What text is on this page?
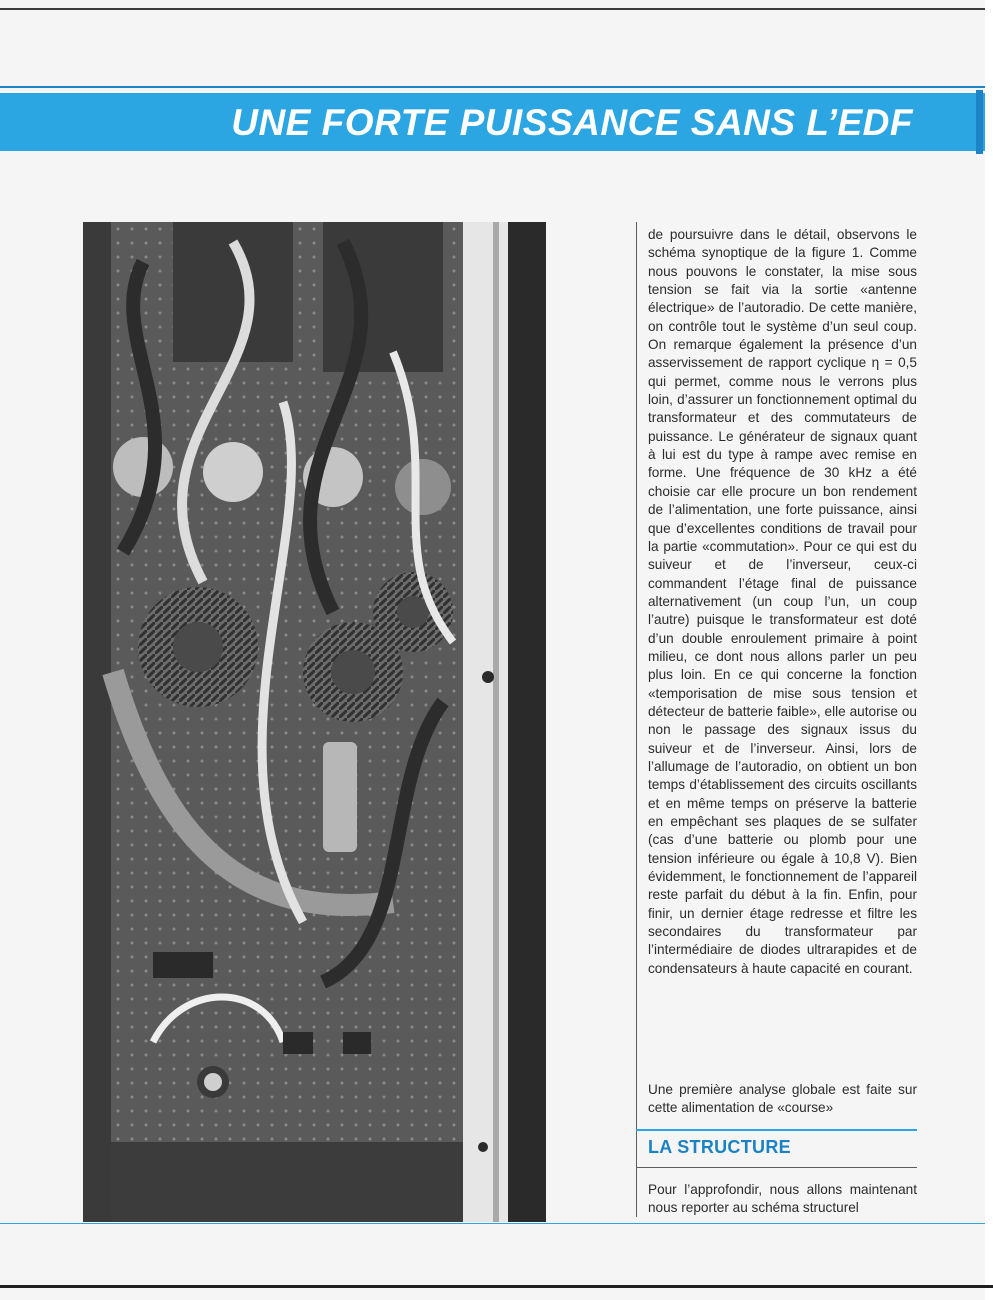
UNE FORTE PUISSANCE SANS L’EDF

de poursuivre dans le détail, observons le schéma synoptique de la figure 1. Comme nous pouvons le constater, la mise sous tension se fait via la sortie «antenne électrique» de l’autoradio. De cette manière, on contrôle tout le système d’un seul coup. On remarque également la présence d’un asservissement de rapport cyclique η = 0,5 qui permet, comme nous le verrons plus loin, d’assurer un fonctionnement optimal du transformateur et des commutateurs de puissance. Le générateur de signaux quant à lui est du type à rampe avec remise en forme. Une fréquence de 30 kHz a été choisie car elle procure un bon rendement de l’alimentation, une forte puissance, ainsi que d’excellentes conditions de travail pour la partie «commutation». Pour ce qui est du suiveur et de l’inverseur, ceux-ci commandent l’étage final de puissance alternativement (un coup l’un, un coup l’autre) puisque le transformateur est doté d’un double enroulement primaire à point milieu, ce dont nous allons parler un peu plus loin. En ce qui concerne la fonction «temporisation de mise sous tension et détecteur de batterie faible», elle autorise ou non le passage des signaux issus du suiveur et de l’inverseur. Ainsi, lors de l’allumage de l’autoradio, on obtient un bon temps d’établissement des circuits oscillants et en même temps on préserve la batterie en empêchant ses plaques de se sulfater (cas d’une batterie ou plomb pour une tension inférieure ou égale à 10,8 V). Bien évidemment, le fonctionnement de l’appareil reste parfait du début à la fin. Enfin, pour finir, un dernier étage redresse et filtre les secondaires du transformateur par l’intermédiaire de diodes ultrarapides et de condensateurs à haute capacité en courant.

Une première analyse globale est faite sur cette alimentation de «course»

LA STRUCTURE

Pour l’approfondir, nous allons maintenant nous reporter au schéma structurel
